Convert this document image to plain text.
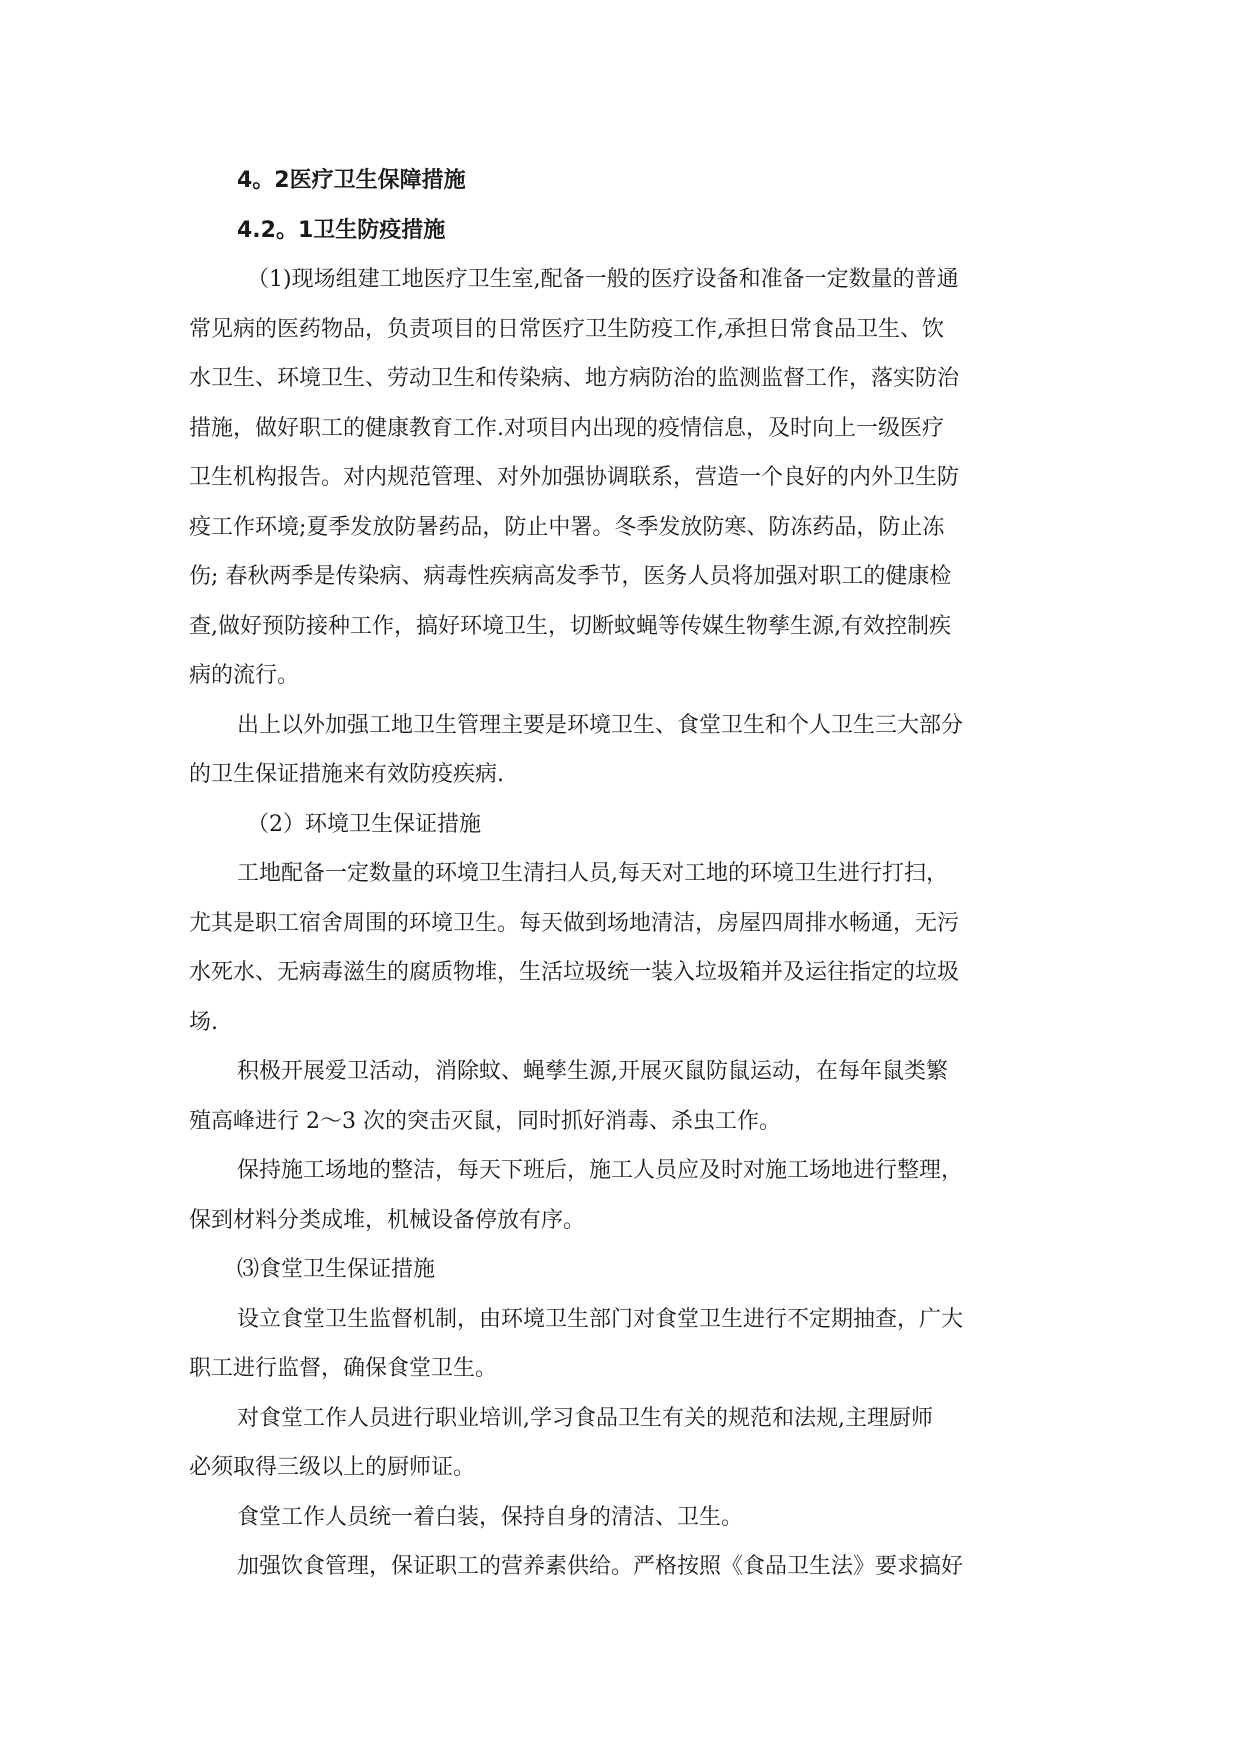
4。2医疗卫生保障措施
4.2。1卫生防疫措施
（1)现场组建工地医疗卫生室,配备一般的医疗设备和准备一定数量的普通
常见病的医药物品，负责项目的日常医疗卫生防疫工作,承担日常食品卫生、饮
水卫生、环境卫生、劳动卫生和传染病、地方病防治的监测监督工作，落实防治
措施，做好职工的健康教育工作.对项目内出现的疫情信息，及时向上一级医疗
卫生机构报告。对内规范管理、对外加强协调联系，营造一个良好的内外卫生防
疫工作环境;夏季发放防暑药品，防止中署。冬季发放防寒、防冻药品，防止冻
伤; 春秋两季是传染病、病毒性疾病高发季节，医务人员将加强对职工的健康检
查,做好预防接种工作，搞好环境卫生，切断蚊蝇等传媒生物孳生源,有效控制疾
病的流行。
出上以外加强工地卫生管理主要是环境卫生、食堂卫生和个人卫生三大部分
的卫生保证措施来有效防疫疾病.
（2）环境卫生保证措施
工地配备一定数量的环境卫生清扫人员,每天对工地的环境卫生进行打扫，
尤其是职工宿舍周围的环境卫生。每天做到场地清洁，房屋四周排水畅通，无污
水死水、无病毒滋生的腐质物堆，生活垃圾统一装入垃圾箱并及运往指定的垃圾
场.
积极开展爱卫活动，消除蚊、蝇孳生源,开展灭鼠防鼠运动，在每年鼠类繁
殖高峰进行 2～3 次的突击灭鼠，同时抓好消毒、杀虫工作。
保持施工场地的整洁，每天下班后，施工人员应及时对施工场地进行整理，
保到材料分类成堆，机械设备停放有序。
⑶食堂卫生保证措施
设立食堂卫生监督机制，由环境卫生部门对食堂卫生进行不定期抽查，广大
职工进行监督，确保食堂卫生。
对食堂工作人员进行职业培训,学习食品卫生有关的规范和法规,主理厨师
必须取得三级以上的厨师证。
食堂工作人员统一着白装，保持自身的清洁、卫生。
加强饮食管理，保证职工的营养素供给。严格按照《食品卫生法》要求搞好
